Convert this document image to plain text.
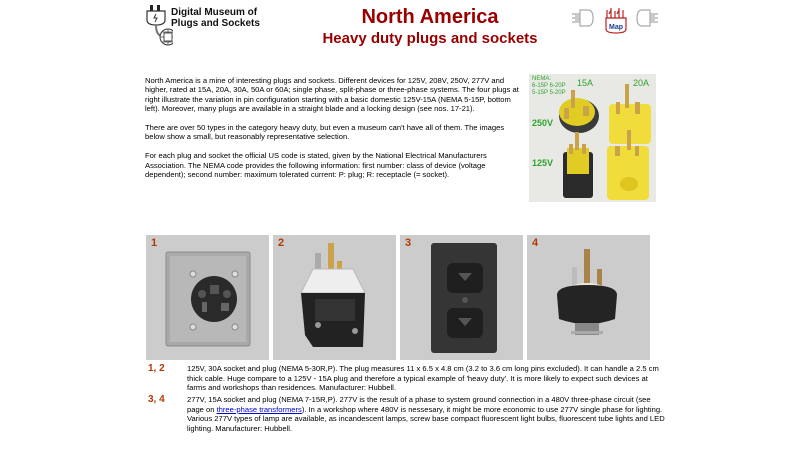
Digital Museum of
Plugs and Sockets	North America
Heavy duty plugs and sockets
Map

North America is a mine of interesting plugs and sockets. Different devices for 125V, 208V, 250V, 277V and higher, rated at 15A, 20A, 30A, 50A or 60A; single phase, split-phase or three-phase systems. The four plugs at right illustrate the variation in pin configuration starting with a basic domestic 125V-15A (NEMA 5-15P, bottom left). Moreover, many plugs are available in a straight blade and a locking design (see nos. 17-21).

There are over 50 types in the category heavy duty, but even a museum can't have all of them. The images below show a small, but reasonably representative selection.

For each plug and socket the official US code is stated, given by the National Electrical Manufacturers Association. The NEMA code provides the following information: first number: class of device (voltage dependent); second number: maximum tolerated current: P: plug; R: receptacle (= socket).

NEMA:
6-15P 6-20P
5-15P 5-20P
15A	20A
250V
125V
1	2	3	4
1, 2	125V, 30A socket and plug (NEMA 5-30R,P). The plug measures 11 x 6.5 x 4.8 cm (3.2 to 3.6 cm long pins excluded). It can handle a 2.5 cm thick cable. Huge compare to a 125V - 15A plug and therefore a typical example of 'heavy duty'. It is more likely to expect such devices at farms and workshops than residences. Manufacturer: Hubbell.
3, 4	277V, 15A socket and plug (NEMA 7-15R,P). 277V is the result of a phase to system ground connection in a 480V three-phase circuit (see page on three-phase transformers). In a workshop where 480V is nessesary, it might be more economic to use 277V single phase for lighting. Various 277V types of lamp are available, as incandescent lamps, screw base compact fluorescent light bulbs, fluorescent tube lights and LED lighting. Manufacturer: Hubbell.
